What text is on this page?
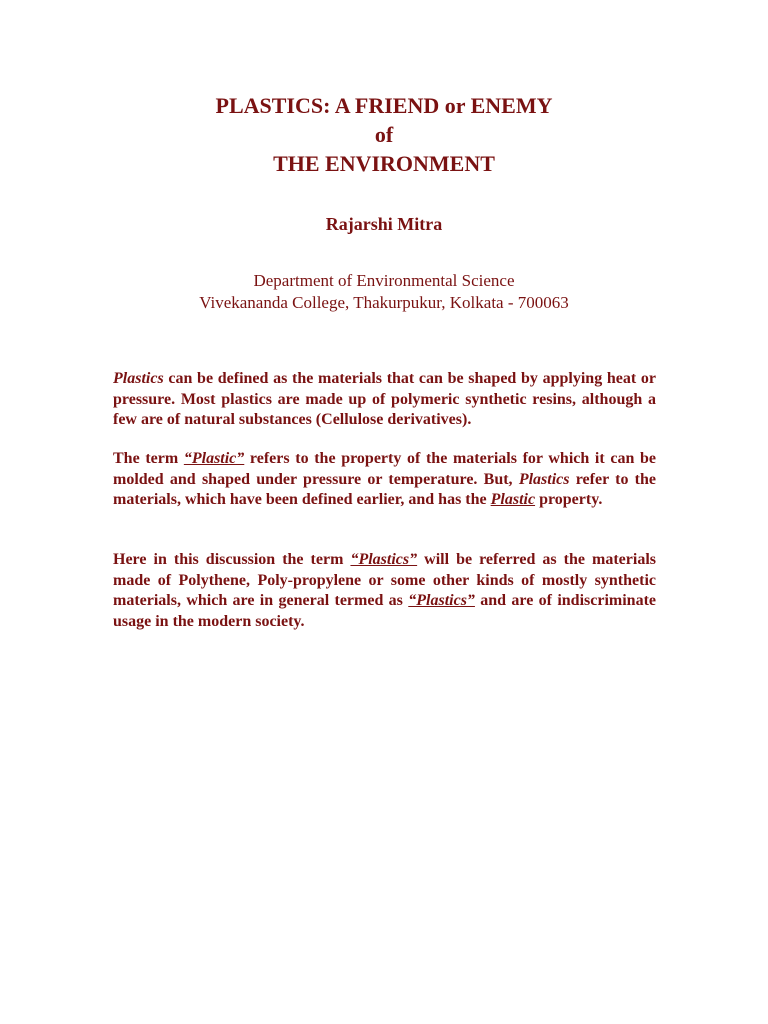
PLASTICS: A FRIEND or ENEMY
of
THE ENVIRONMENT
Rajarshi Mitra
Department of Environmental Science
Vivekananda College, Thakurpukur, Kolkata - 700063

Plastics can be defined as the materials that can be shaped by applying heat or pressure. Most plastics are made up of polymeric synthetic resins, although a few are of natural substances (Cellulose derivatives).

The term “Plastic” refers to the property of the materials for which it can be molded and shaped under pressure or temperature. But, Plastics refer to the materials, which have been defined earlier, and has the Plastic property.

Here in this discussion the term “Plastics” will be referred as the materials made of Polythene, Poly-propylene or some other kinds of mostly synthetic materials, which are in general termed as “Plastics” and are of indiscriminate usage in the modern society.
